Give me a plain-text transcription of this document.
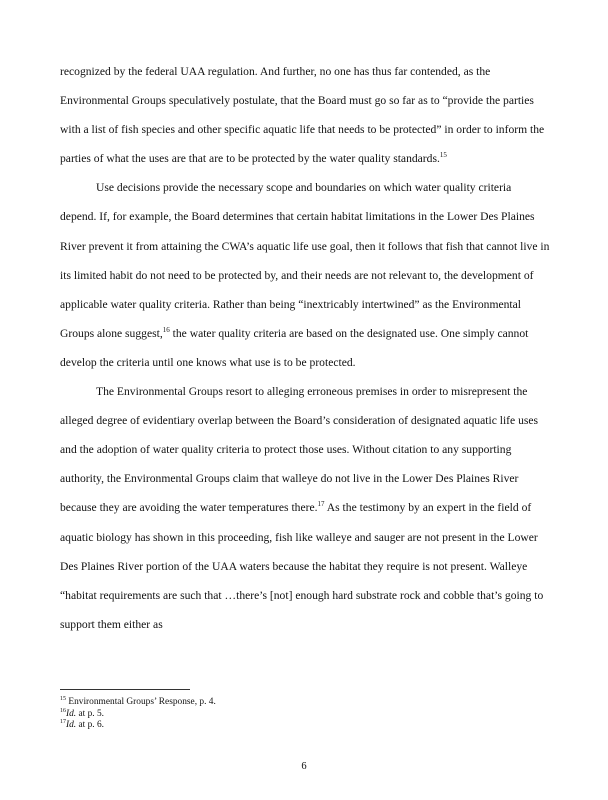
recognized by the federal UAA regulation. And further, no one has thus far contended, as the Environmental Groups speculatively postulate, that the Board must go so far as to “provide the parties with a list of fish species and other specific aquatic life that needs to be protected” in order to inform the parties of what the uses are that are to be protected by the water quality standards.$^{15}$

Use decisions provide the necessary scope and boundaries on which water quality criteria depend. If, for example, the Board determines that certain habitat limitations in the Lower Des Plaines River prevent it from attaining the CWA’s aquatic life use goal, then it follows that fish that cannot live in its limited habit do not need to be protected by, and their needs are not relevant to, the development of applicable water quality criteria. Rather than being “inextricably intertwined” as the Environmental Groups alone suggest,$^{16}$ the water quality criteria are based on the designated use. One simply cannot develop the criteria until one knows what use is to be protected.

The Environmental Groups resort to alleging erroneous premises in order to misrepresent the alleged degree of evidentiary overlap between the Board’s consideration of designated aquatic life uses and the adoption of water quality criteria to protect those uses. Without citation to any supporting authority, the Environmental Groups claim that walleye do not live in the Lower Des Plaines River because they are avoiding the water temperatures there.$^{17}$ As the testimony by an expert in the field of aquatic biology has shown in this proceeding, fish like walleye and sauger are not present in the Lower Des Plaines River portion of the UAA waters because the habitat they require is not present. Walleye “habitat requirements are such that …there’s [not] enough hard substrate rock and cobble that’s going to support them either as

$^{15}$ Environmental Groups’ Response, p. 4.

$^{16}$Id. at p. 5.

$^{17}$Id. at p. 6.

6
